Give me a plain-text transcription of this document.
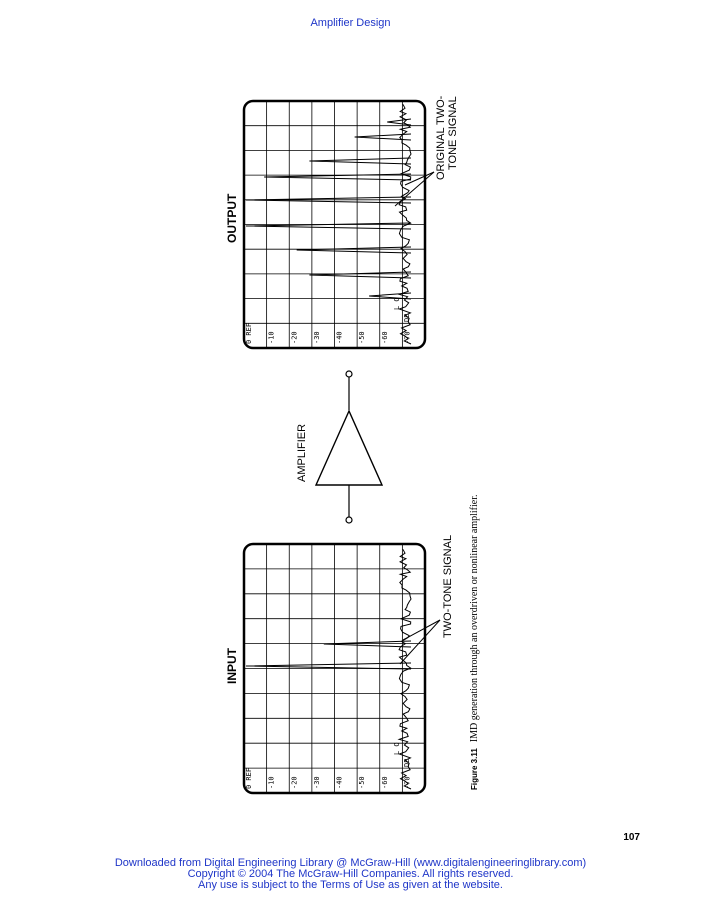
Amplifier Design
Figure 3.11IMD generation through an overdriven or nonlinear amplifier.
INPUT
0 REF -10 -20 -30 -40 -50 -60 -70
L O
DB
TWO-TONE SIGNAL
AMPLIFIER
OUTPUT
0 REF -10 -20 -30 -40 -50 -60 -70
L O
DB
ORIGINAL TWO- TONE SIGNAL
107
Downloaded from Digital Engineering Library @ McGraw-Hill (www.digitalengineeringlibrary.com)
Copyright © 2004 The McGraw-Hill Companies. All rights reserved.
Any use is subject to the Terms of Use as given at the website.
